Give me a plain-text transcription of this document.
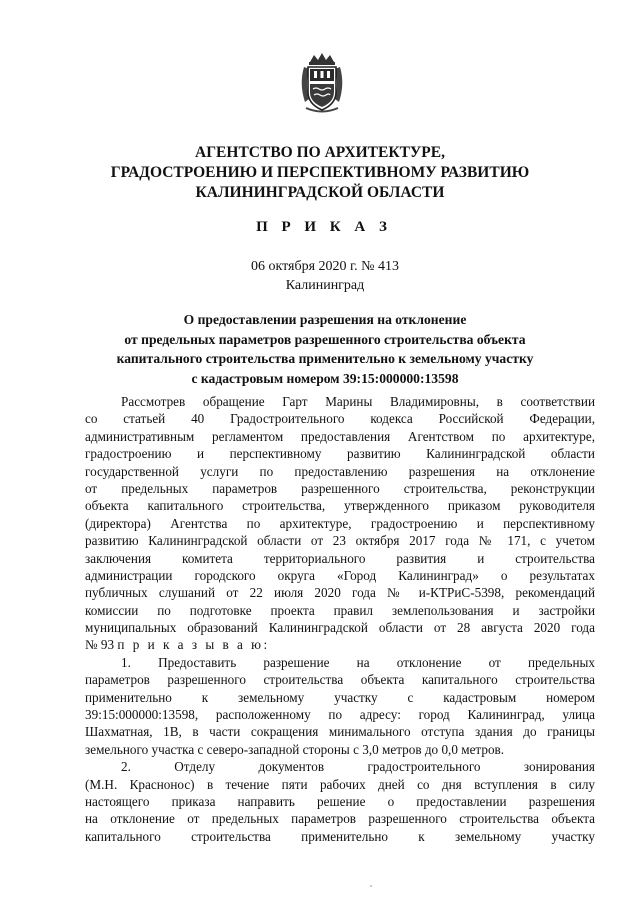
АГЕНТСТВО ПО АРХИТЕКТУРЕ,
ГРАДОСТРОЕНИЮ И ПЕРСПЕКТИВНОМУ РАЗВИТИЮ
КАЛИНИНГРАДСКОЙ ОБЛАСТИ
П Р И К А З
06 октября 2020 г. № 413
Калининград
О предоставлении разрешения на отклонение
от предельных параметров разрешенного строительства объекта
капитального строительства применительно к земельному участку
с кадастровым номером 39:15:000000:13598
Рассмотрев обращение Гарт Марины Владимировны, в соответствии
со статьей 40 Градостроительного кодекса Российской Федерации,
административным регламентом предоставления Агентством по архитектуре,
градостроению и перспективному развитию Калининградской области
государственной услуги по предоставлению разрешения на отклонение
от предельных параметров разрешенного строительства, реконструкции
объекта капитального строительства, утвержденного приказом руководителя
(директора) Агентства по архитектуре, градостроению и перспективному
развитию Калининградской области от 23 октября 2017 года № 171, с учетом
заключения комитета территориального развития и строительства
администрации городского округа «Город Калининград» о результатах
публичных слушаний от 22 июля 2020 года № и-КТРиС-5398, рекомендаций
комиссии по подготовке проекта правил землепользования и застройки
муниципальных образований Калининградской области от 28 августа 2020 года
№ 93 п р и к а з ы в а ю:
1. Предоставить разрешение на отклонение от предельных
параметров разрешенного строительства объекта капитального строительства
применительно к земельному участку с кадастровым номером
39:15:000000:13598, расположенному по адресу: город Калининград, улица
Шахматная, 1В, в части сокращения минимального отступа здания до границы
земельного участка с северо-западной стороны с 3,0 метров до 0,0 метров.
2. Отделу документов градостроительного зонирования
(М.Н. Краснонос) в течение пяти рабочих дней со дня вступления в силу
настоящего приказа направить решение о предоставлении разрешения
на отклонение от предельных параметров разрешенного строительства объекта
капитального строительства применительно к земельному участку
